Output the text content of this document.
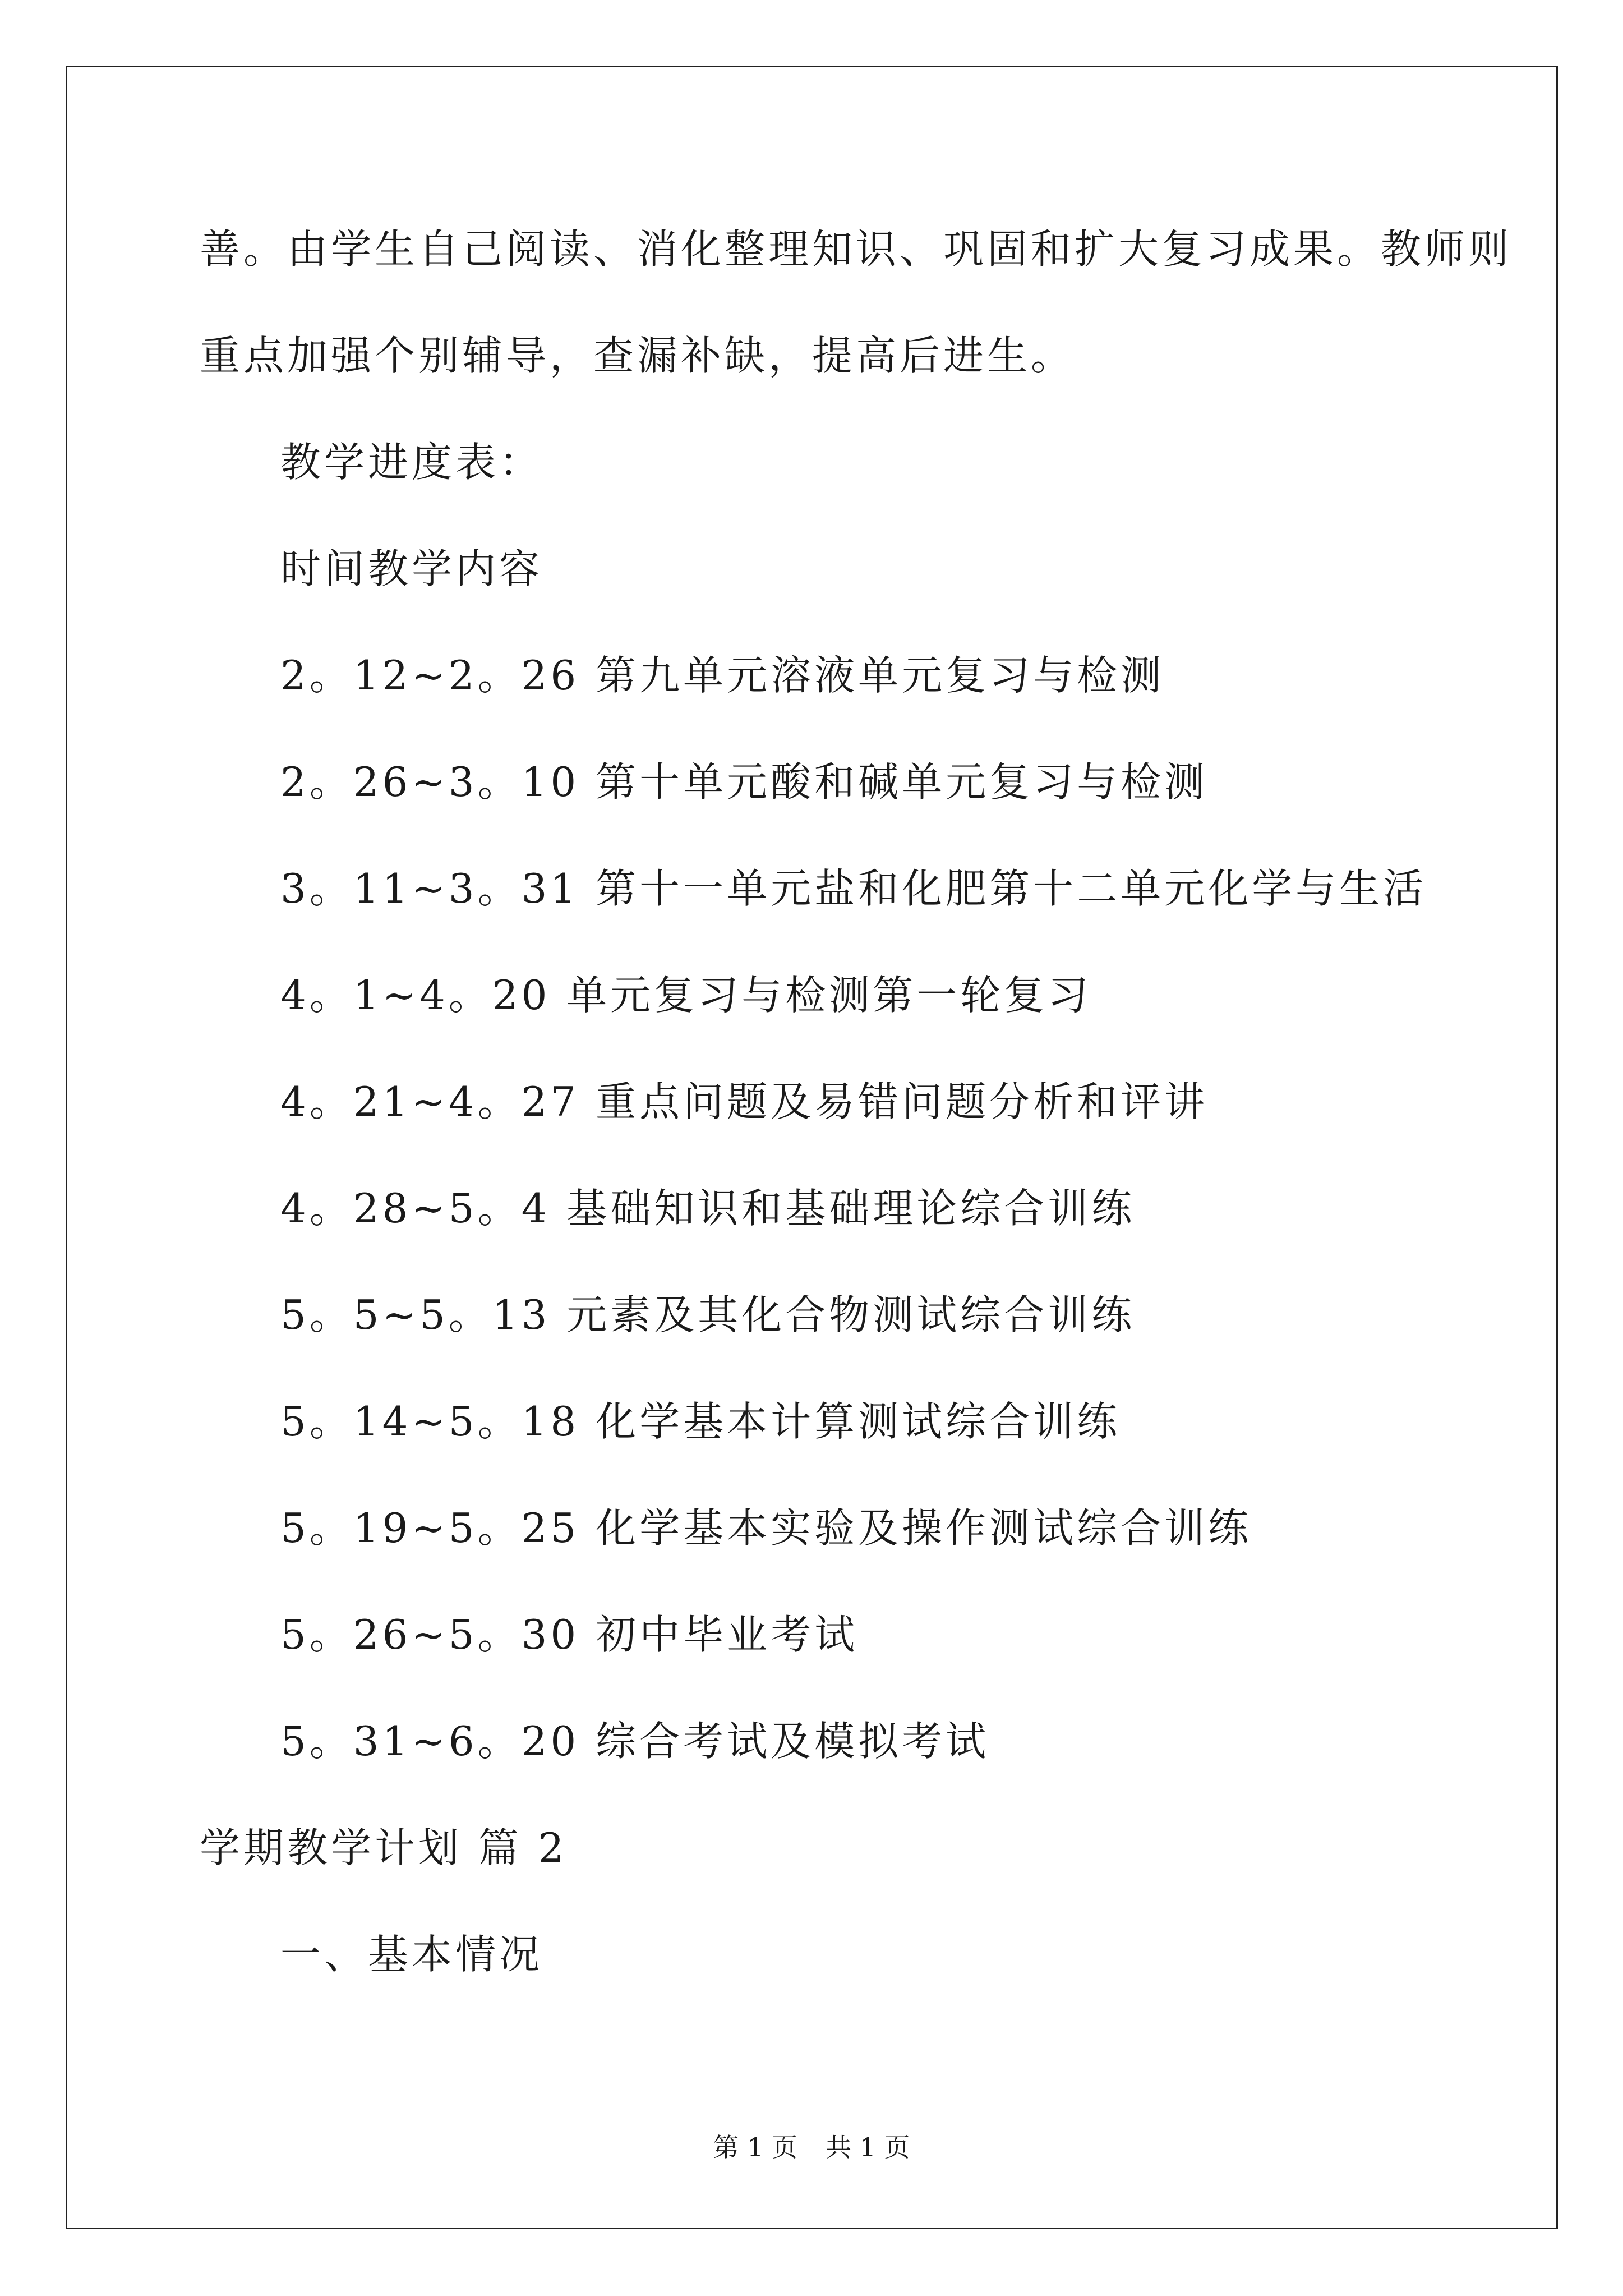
善。由学生自己阅读、消化整理知识、巩固和扩大复习成果。教师则
重点加强个别辅导，查漏补缺，提高后进生。
教学进度表：
时间教学内容
2。12~2。26 第九单元溶液单元复习与检测
2。26~3。10 第十单元酸和碱单元复习与检测
3。11~3。31 第十一单元盐和化肥第十二单元化学与生活
4。1~4。20 单元复习与检测第一轮复习
4。21~4。27 重点问题及易错问题分析和评讲
4。28~5。4 基础知识和基础理论综合训练
5。5~5。13 元素及其化合物测试综合训练
5。14~5。18 化学基本计算测试综合训练
5。19~5。25 化学基本实验及操作测试综合训练
5。26~5。30 初中毕业考试
5。31~6。20 综合考试及模拟考试
学期教学计划 篇 2
一、基本情况
第 1 页 共 1 页
